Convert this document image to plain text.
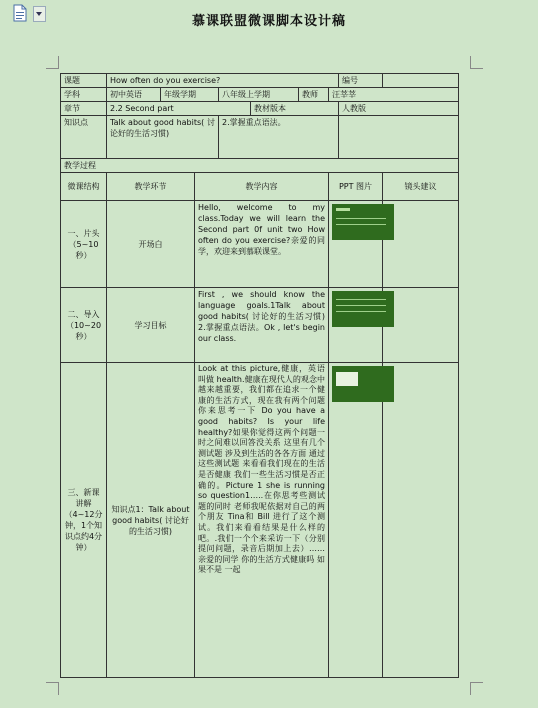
慕课联盟微课脚本设计稿
课题	How often do you exercise?							编号	
学科	初中英语	年级学期		八年级上学期		教师	汪莘莘		
章节	2.2 Second part				教材版本			人教版	
知识点	Talk about good habits( 讨论好的生活习惯)			2.掌握重点语法。					
教学过程									
微课结构	教学环节		教学内容				PPT 图片		镜头建议
一、片头（5~10秒）	开场白		Hello, welcome to my class.Today we will learn the Second part 0f unit two How often do you exercise?亲爱的同学，欢迎来到慕联课堂。					

二、导入（10~20秒）	学习目标		First , we should know the language goals.1Talk about good habits( 讨论好的生活习惯) 2.掌握重点语法。Ok , let's begin our class.					

三、新课讲解（4~12分钟，1个知识点约4分钟）	知识点1：Talk about good habits( 讨论好的生活习惯)		Look at this picture,健康，英语叫做 health.健康在现代人的观念中越来越重要，我们都在追求一个健康的生活方式，现在我有两个问题你来思考一下 Do you have a good habits? Is your life healthy?如果你觉得这两个问题一时之间难以回答没关系 这里有几个测试题 涉及到生活的各各方面 通过这些测试题 来看看我们现在的生活是否健康 我们一些生活习惯是否正确的。Picture 1 she is running so question1…..在你思考些测试题的同时 老师我呢依据对自己的两个朋友 Tina和 Bill 进行了这个测试。我们来看看结果是什么样的吧。.我们一个个来采访一下（分别提问问题，录音后期加上去）……亲爱的同学 你的生活方式健康吗 如果不是 一起					
